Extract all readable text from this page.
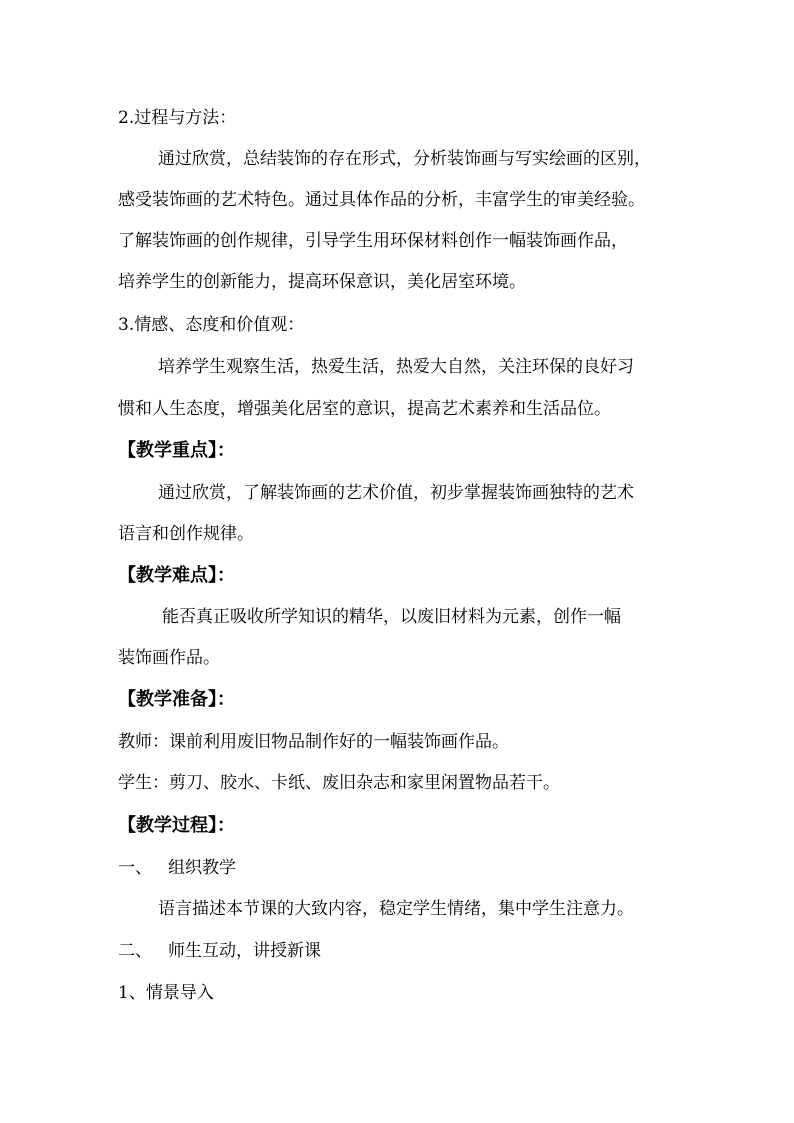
2.过程与方法：
通过欣赏，总结装饰的存在形式，分析装饰画与写实绘画的区别，
感受装饰画的艺术特色。通过具体作品的分析，丰富学生的审美经验。
了解装饰画的创作规律，引导学生用环保材料创作一幅装饰画作品，
培养学生的创新能力，提高环保意识，美化居室环境。
3.情感、态度和价值观：
培养学生观察生活，热爱生活，热爱大自然，关注环保的良好习
惯和人生态度，增强美化居室的意识，提高艺术素养和生活品位。
【教学重点】：
通过欣赏，了解装饰画的艺术价值，初步掌握装饰画独特的艺术
语言和创作规律。
【教学难点】：
能否真正吸收所学知识的精华，以废旧材料为元素，创作一幅
装饰画作品。
【教学准备】：
教师：课前利用废旧物品制作好的一幅装饰画作品。
学生：剪刀、胶水、卡纸、废旧杂志和家里闲置物品若干。
【教学过程】：
一、 组织教学
语言描述本节课的大致内容，稳定学生情绪，集中学生注意力。
二、 师生互动，讲授新课
1、情景导入
